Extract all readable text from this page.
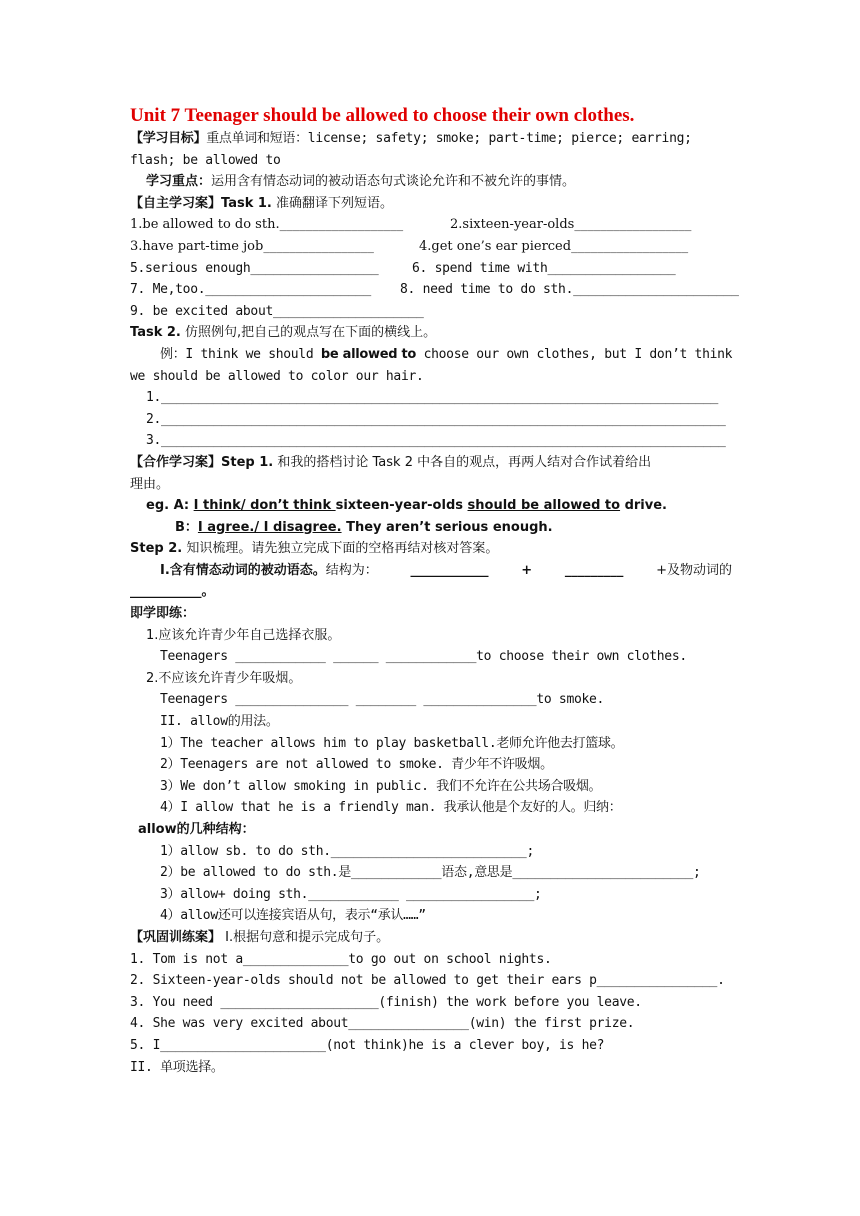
Unit 7 Teenager should be allowed to choose their own clothes.
【学习目标】重点单词和短语：license; safety; smoke; part-time; pierce; earring;
flash; be allowed to
学习重点：运用含有情态动词的被动语态句式谈论允许和不被允许的事情。
【自主学习案】Task 1. 准确翻译下列短语。
1.be allowed to do sth.___________________	2.sixteen-year-olds__________________
3.have part-time job_________________	4.get one’s ear pierced__________________
5.serious enough_________________	6. spend time with_________________
7. Me,too.______________________ 8. need time to do sth.______________________
9. be excited about____________________
Task 2. 仿照例句,把自己的观点写在下面的横线上。
例：I think we should be allowed to choose our own clothes, but I don’t think
we should be allowed to color our hair.
1.__________________________________________________________________________
2.___________________________________________________________________________
3.___________________________________________________________________________
【合作学习案】Step 1. 和我的搭档讨论 Task 2 中各自的观点，再两人结对合作试着给出
理由。
eg. A: I think/ don’t think sixteen-year-olds should be allowed to drive.
B：I agree./ I disagree. They aren’t serious enough.
Step 2. 知识梳理。请先独立完成下面的空格再结对核对答案。
I.含有情态动词的被动语态。结构为：	____________	+	_________	+及物动词的
___________。
即学即练：
1.应该允许青少年自己选择衣服。
Teenagers ____________ ______ ____________to choose their own clothes.
2.不应该允许青少年吸烟。
Teenagers _______________ ________ _______________to smoke.
II. allow的用法。
1）The teacher allows him to play basketball.老师允许他去打篮球。
2）Teenagers are not allowed to smoke. 青少年不许吸烟。
3）We don’t allow smoking in public. 我们不允许在公共场合吸烟。
4）I allow that he is a friendly man. 我承认他是个友好的人。归纳：
allow的几种结构：
1）allow sb. to do sth.__________________________;
2）be allowed to do sth.是____________语态,意思是________________________;
3）allow+ doing sth.____________ _________________;
4）allow还可以连接宾语从句，表示“承认……”
【巩固训练案】 I.根据句意和提示完成句子。
1. Tom is not a______________to go out on school nights.
2. Sixteen-year-olds should not be allowed to get their ears p________________.
3. You need _____________________(finish) the work before you leave.
4. She was very excited about________________(win) the first prize.
5. I______________________(not think)he is a clever boy, is he?
II. 单项选择。
